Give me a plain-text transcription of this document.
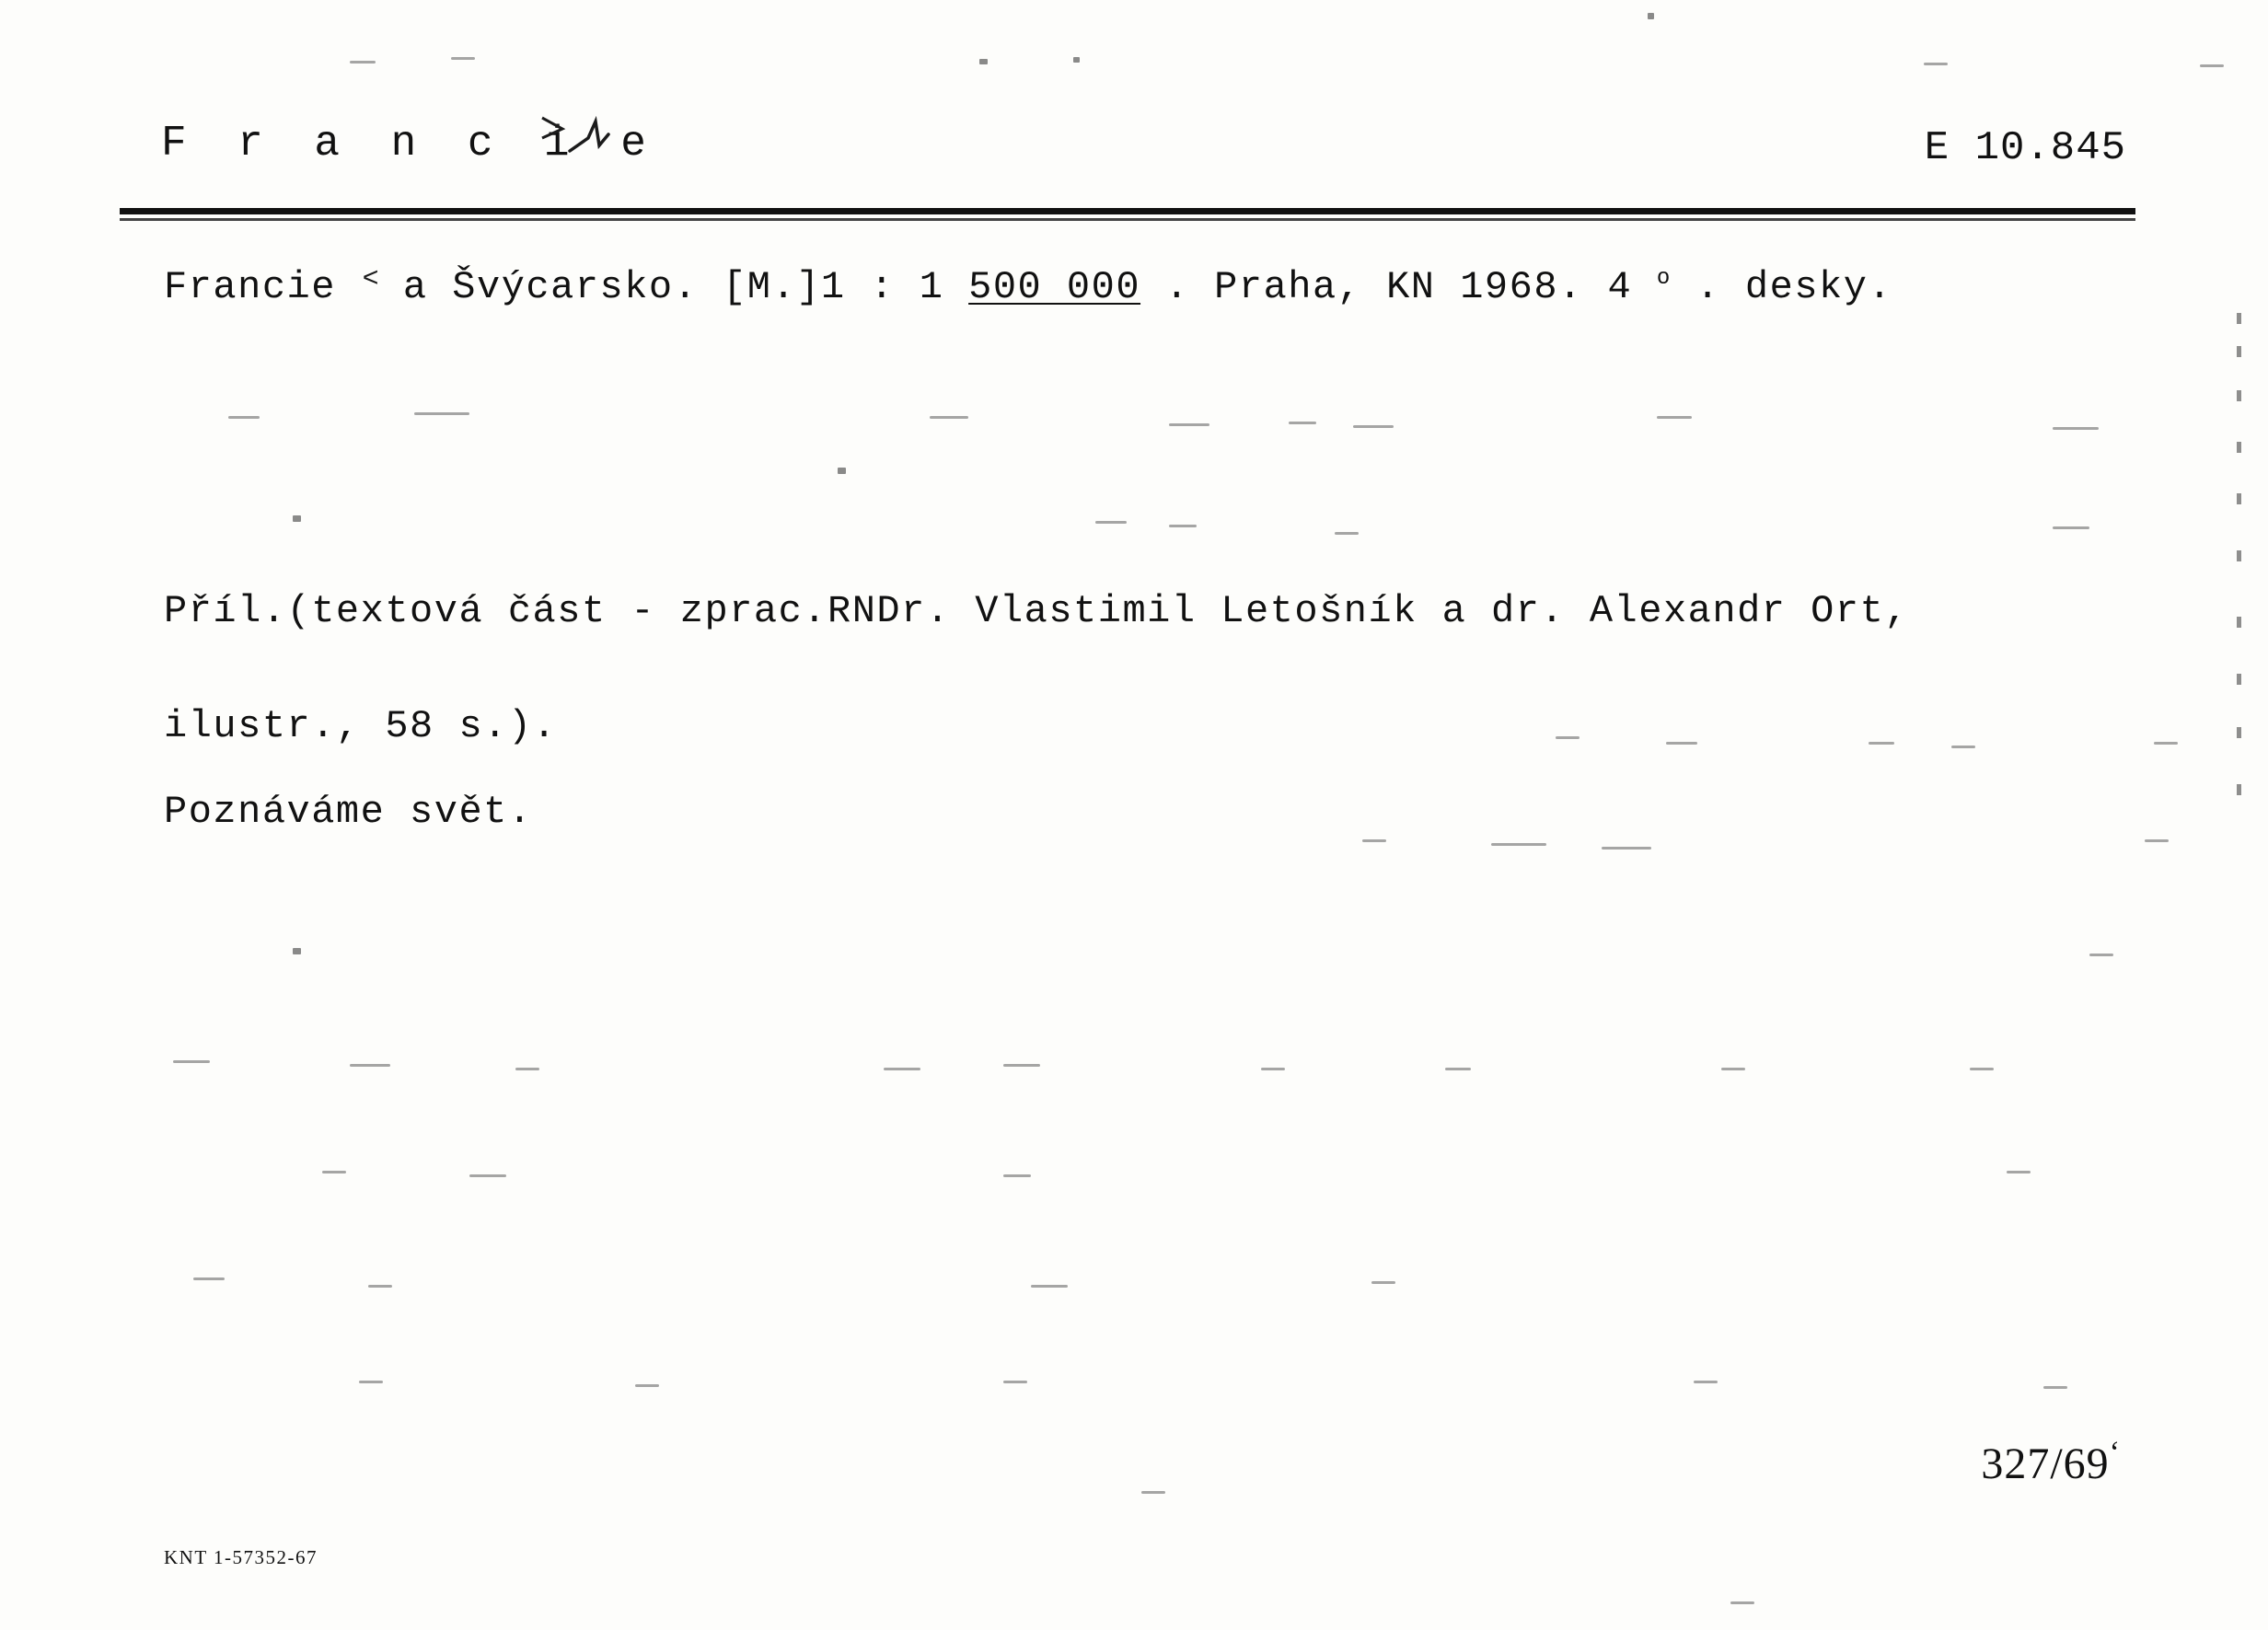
F r a n c i e	E 10.845
Francie < a Švýcarsko. [M.]1 : 1 500 000 . Praha, KN 1968. 4 $^o$ . desky.
Příl.(textová část - zprac.RNDr. Vlastimil Letošník a dr. Alexandr Ort,
ilustr., 58 s.).
Poznáváme svět.
327/69‘
KNT 1-57352-67
